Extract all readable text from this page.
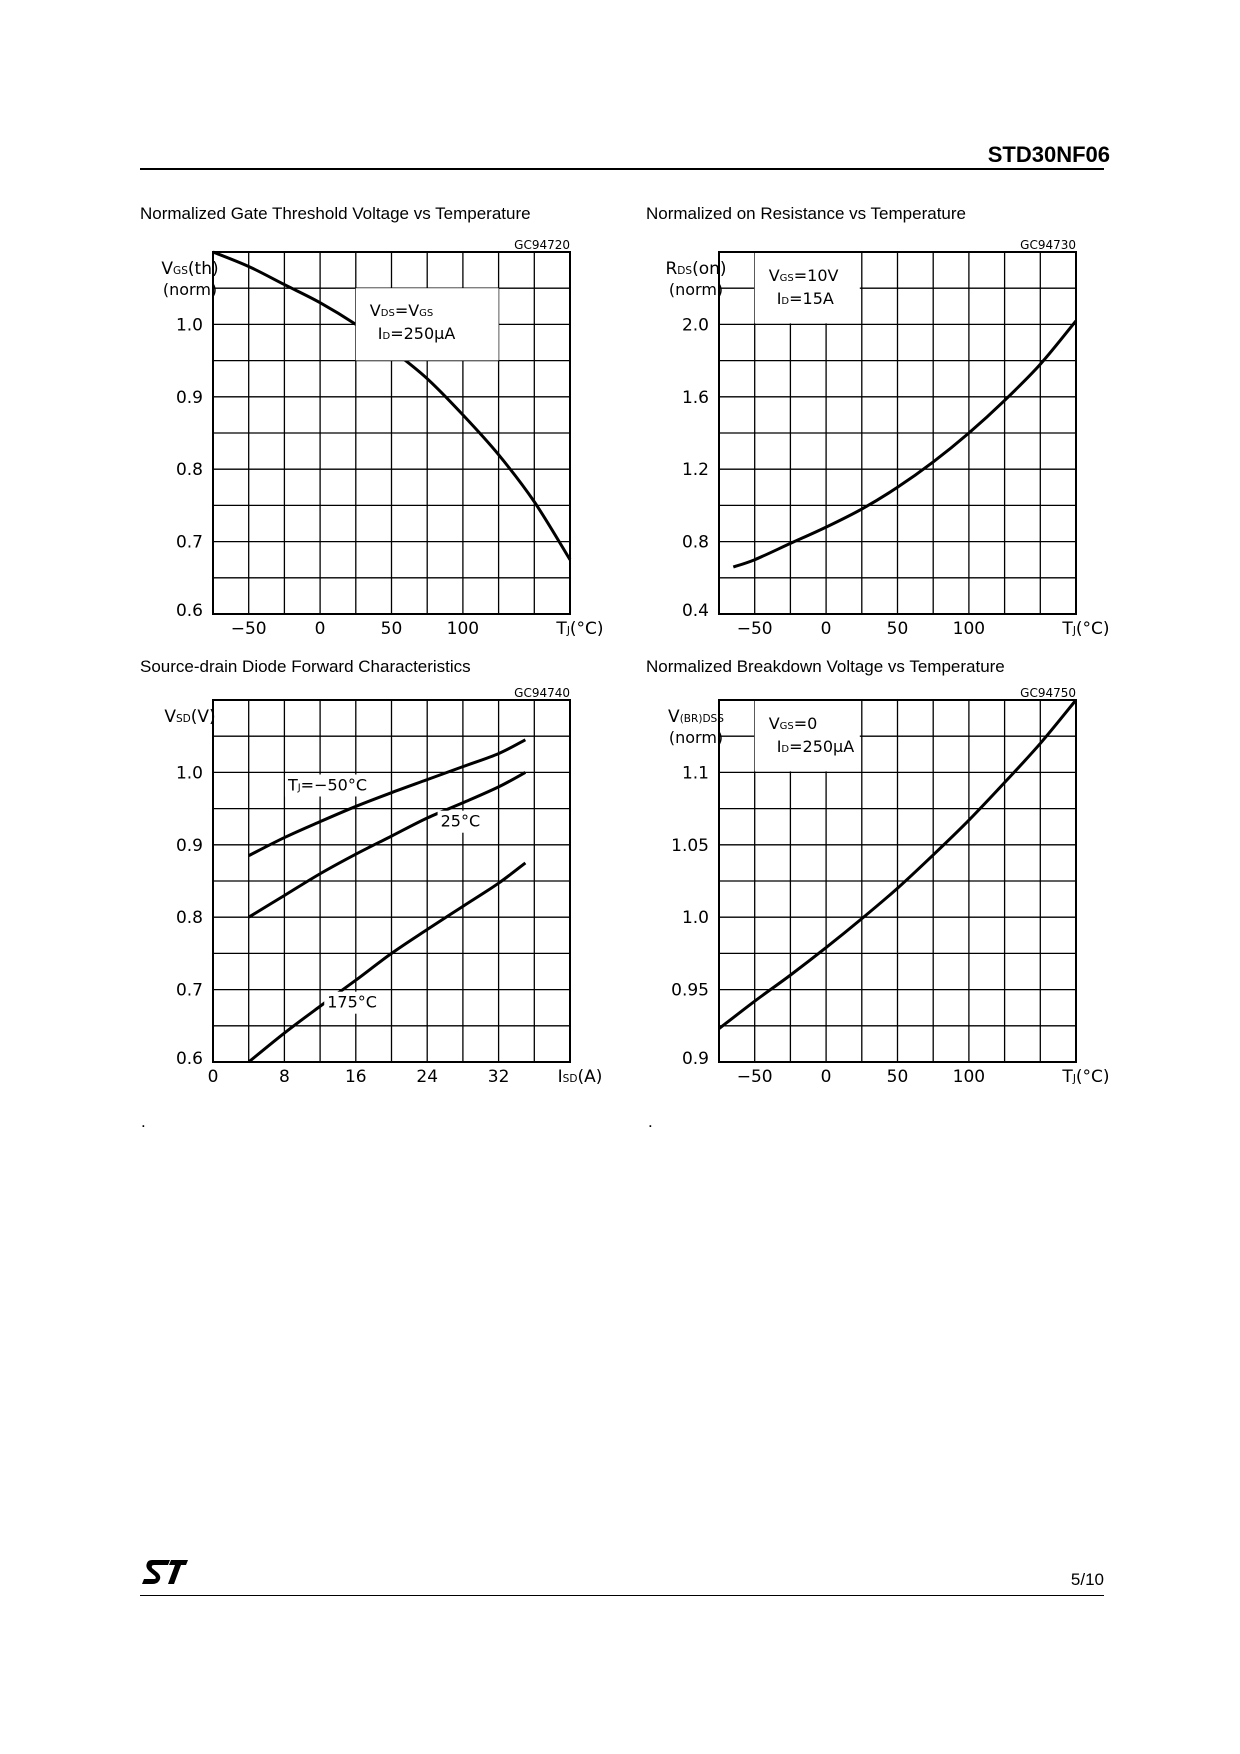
STD30NF06
Normalized Gate Threshold Voltage vs Temperature	Normalized on Resistance vs Temperature
Source-drain Diode Forward Characteristics	Normalized Breakdown Voltage vs Temperature
GC94720
VGS(th)
(norm)
0.6
0.7
0.8
0.9
1.0
−50	0	50	100	TJ(°C)
VDS=VGS
ID=250μA
GC94730
RDS(on)
(norm)
0.4
0.8
1.2
1.6
2.0
−50	0	50	100	TJ(°C)
VGS=10V
ID=15A
GC94740
VSD(V)
0.6
0.7
0.8
0.9
1.0
0	8	16	24	32	ISD(A)
TJ=−50°C
25°C
175°C
GC94750
V(BR)DSS
(norm)
0.9
0.95
1.0
1.05
1.1
−50	0	50	100	TJ(°C)
VGS=0
ID=250μA
.	.
5/10
